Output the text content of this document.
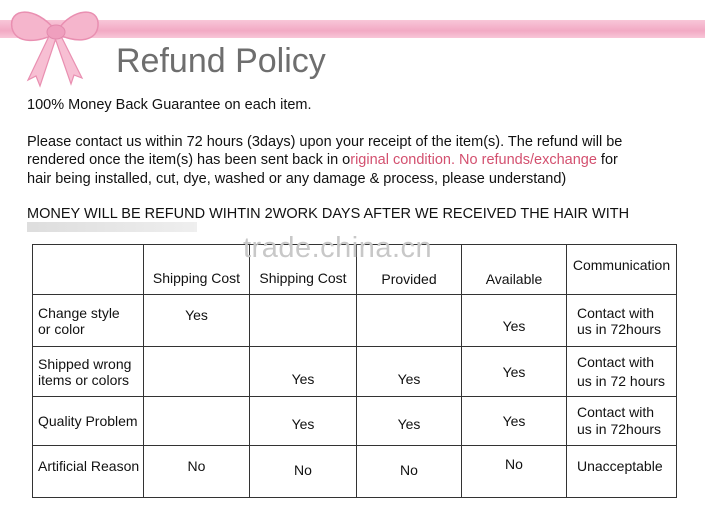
Refund Policy
100% Money Back Guarantee on each item.
Please contact us within 72 hours (3days) upon your receipt of the item(s). The refund will be
rendered once the item(s) has been sent back in original condition. No refunds/exchange for
hair being installed, cut, dye, washed or any damage & process, please understand)
MONEY WILL BE REFUND WIHTIN 2WORK DAYS AFTER WE RECEIVED THE HAIR WITH
	Shipping Cost	Shipping Cost	Provided	Available	Communication
Change style
or color	Yes			Yes	Contact with
us in 72hours
Shipped wrong
items or colors		Yes	Yes	Yes	Contact with
us in 72 hours
Quality Problem		Yes	Yes	Yes	Contact with
us in 72hours
Artificial Reason	No	No	No	No	Unacceptable
trade.china.cn
